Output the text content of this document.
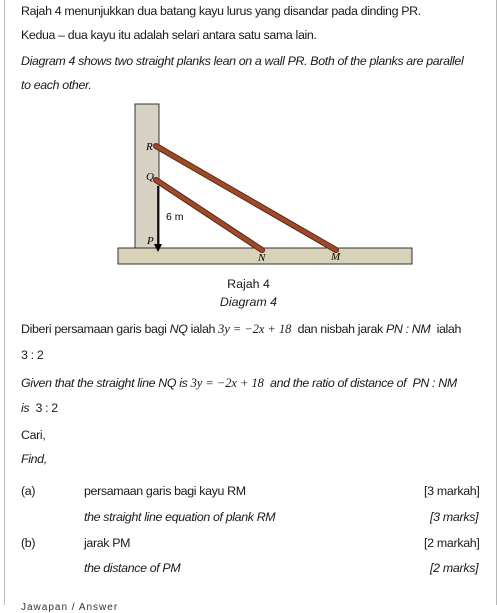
Rajah 4 menunjukkan dua batang kayu lurus yang disandar pada dinding PR.
Kedua – dua kayu itu adalah selari antara satu sama lain.
Diagram 4 shows two straight planks lean on a wall PR. Both of the planks are parallel
to each other.
R
Q
P
6 m
N	M
Rajah 4
Diagram 4
Diberi persamaan garis bagi NQ ialah 3y = −2x + 18 dan nisbah jarak PN : NM ialah
3 : 2
Given that the straight line NQ is 3y = −2x + 18 and the ratio of distance of PN : NM
is 3 : 2
Cari,
Find,
(a)	persamaan garis bagi kayu RM	[3 markah]
the straight line equation of plank RM	[3 marks]
(b)	jarak PM	[2 markah]
the distance of PM	[2 marks]
Jawapan / Answer
